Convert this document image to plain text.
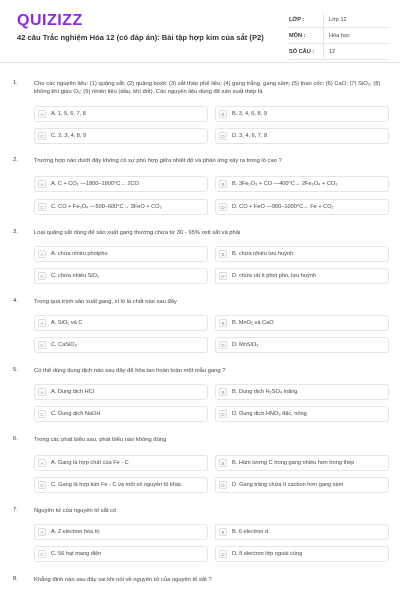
QUIZIZZ
42 câu Trắc nghiệm Hóa 12 (có đáp án): Bài tập hợp kim của sắt (P2)
LỚP :	Lớp 12
MÔN :	Hóa học
SỐ CÂU :	12
1.	Cho các nguyên liệu: (1) quặng sắt; (2) quặng boxit; (3) sắt thép phế liệu; (4) gang trắng, gang xám; (5) than cốc; (6) CaO; (7) SiO₂; (8) không khí giàu O₂; (9) nhiên liệu (dầu, khí đốt). Các nguyên liệu dùng để sản xuất thép là
A	A. 1, 5, 6, 7, 8	B	B. 3, 4, 6, 8, 9
C	C. 2, 3, 4, 8, 9	D	D. 3, 4, 6, 7, 8
2.	Trường hợp nào dưới đây không có sự phù hợp giữa nhiệt độ và phản ứng xảy ra trong lò cao ?
A	A. C + CO₂ —1800–1900°C→ 2CO	B	B. 3Fe₂O₃ + CO —400°C→ 2Fe₃O₄ + CO₂
C	C. CO + Fe₃O₄ —500–600°C→ 3FeO + CO₂	D	D. CO + FeO —900–1000°C→ Fe + CO₂
3.	Loại quặng sắt dùng để sản xuất gang thường chứa từ 30 - 95% oxit sắt và phải
A	A. chứa nhiều photpho	B	B. chứa nhiều lưu huỳnh
C	C. chứa nhiều SiO₂	D	D. chứa rất ít phot pho, lưu huỳnh
4.	Trong quá trình sản xuất gang, xỉ lò là chất nào sau đây
A	A. SiO₂ và C	B	B. MnO₂ và CaO
C	C. CaSiO₃	D	D. MnSiO₃
5.	Có thể dùng dung dịch nào sau đây để hòa tan hoàn toàn một mẫu gang ?
A	A. Dung dịch HCl	B	B. Dung dịch H₂SO₄ loãng
C	C. Dung dịch NaOH	D	D. Dung dịch HNO₃ đặc, nóng
6.	Trong các phát biểu sau, phát biểu nào không đúng
A	A. Gang là hợp chất của Fe - C	B	B. Hàm lượng C trong gang nhiều hơn trong thép
C	C. Gang là hợp kim Fe - C và một số nguyên tố khác	D	D. Gang trắng chứa ít cacbon hơn gang xám
7.	Nguyên tử của nguyên tố sắt có
A	A. 2 electron hóa trị	B	B. 6 electron d
C	C. 56 hạt mang điện	D	D. 8 electron lớp ngoài cùng
8.	Khẳng định nào sau đây sai khi nói về nguyên tử của nguyên tố sắt ?
